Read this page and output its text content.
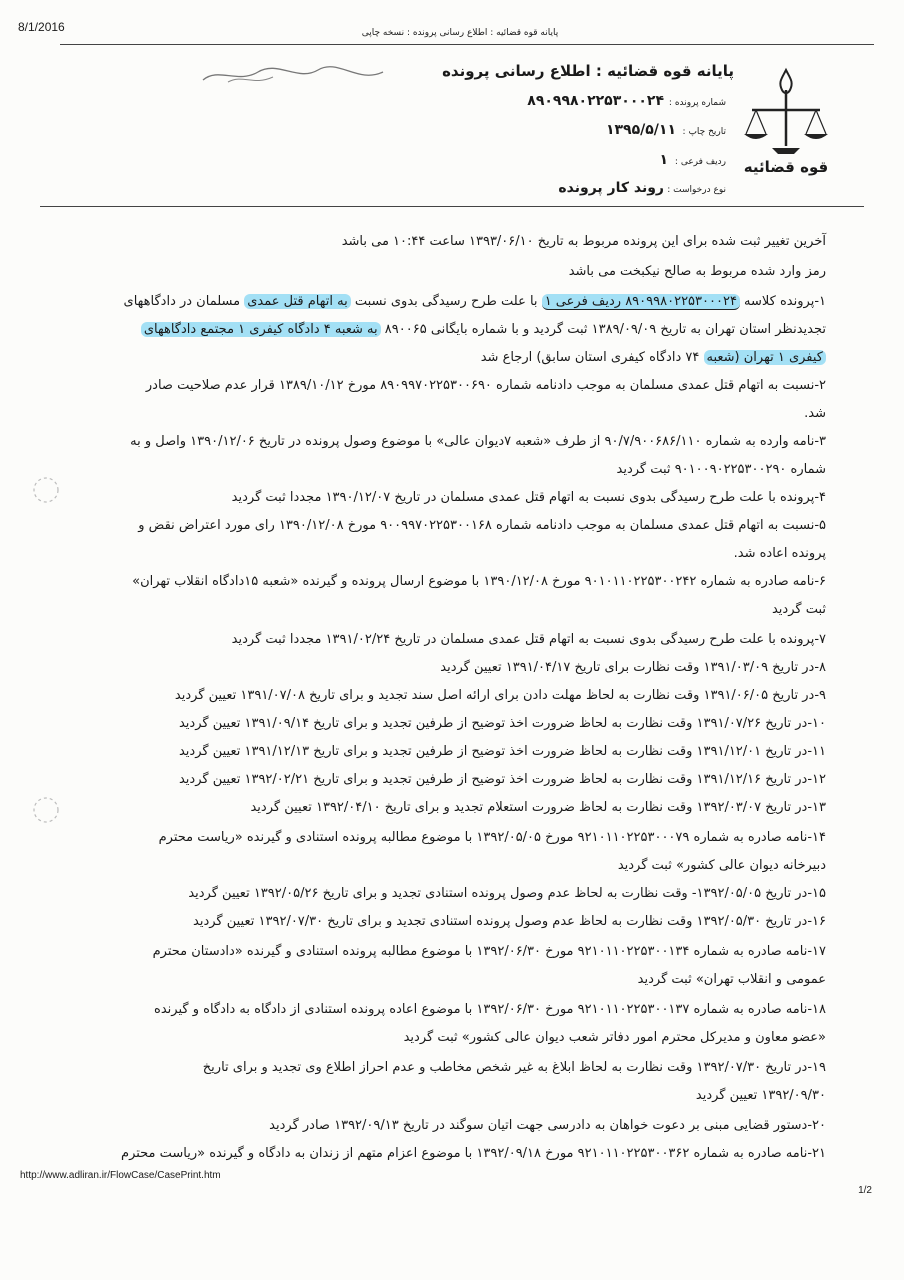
8/1/2016	پایانه قوه قضائیه : اطلاع رسانی پرونده : نسخه چاپی
قوه قضائیه
پایانه قوه قضائیه : اطلاع رسانی پرونده
شماره پرونده :
۸۹۰۹۹۸۰۲۲۵۳۰۰۰۲۴
تاریخ چاپ :
۱۳۹۵/۵/۱۱
ردیف فرعی :
۱
نوع درخواست :
روند کار پرونده
آخرین تغییر ثبت شده برای این پرونده مربوط به تاریخ ۱۳۹۳/۰۶/۱۰ ساعت ۱۰:۴۴ می باشد
رمز وارد شده مربوط به صالح نیکبخت می باشد
۱-پرونده کلاسه ۸۹۰۹۹۸۰۲۲۵۳۰۰۰۲۴ ردیف فرعی ۱ با علت طرح رسیدگی بدوی نسبت به اتهام قتل عمدی مسلمان در دادگاههای
تجدیدنظر استان تهران به تاریخ ۱۳۸۹/۰۹/۰۹ ثبت گردید و با شماره بایگانی ۸۹۰۰۶۵ به شعبه ۴ دادگاه کیفری ۱ مجتمع دادگاههای
کیفری ۱ تهران (شعبه ۷۴ دادگاه کیفری استان سابق) ارجاع شد
۲-نسبت به اتهام قتل عمدی مسلمان به موجب دادنامه شماره ۸۹۰۹۹۷۰۲۲۵۳۰۰۶۹۰ مورخ ۱۳۸۹/۱۰/۱۲ قرار عدم صلاحیت صادر
شد.
۳-نامه وارده به شماره ۹۰/۷/۹۰۰۶۸۶/۱۱۰ از طرف «شعبه ۷دیوان عالی» با موضوع وصول پرونده در تاریخ ۱۳۹۰/۱۲/۰۶ واصل و به
شماره ۹۰۱۰۰۹۰۲۲۵۳۰۰۲۹۰ ثبت گردید
۴-پرونده با علت طرح رسیدگی بدوی نسبت به اتهام قتل عمدی مسلمان در تاریخ ۱۳۹۰/۱۲/۰۷ مجددا ثبت گردید
۵-نسبت به اتهام قتل عمدی مسلمان به موجب دادنامه شماره ۹۰۰۹۹۷۰۲۲۵۳۰۰۱۶۸ مورخ ۱۳۹۰/۱۲/۰۸ رای مورد اعتراض نقض و
پرونده اعاده شد.
۶-نامه صادره به شماره ۹۰۱۰۱۱۰۲۲۵۳۰۰۲۴۲ مورخ ۱۳۹۰/۱۲/۰۸ با موضوع ارسال پرونده و گیرنده «شعبه ۱۵دادگاه انقلاب تهران»
ثبت گردید
۷-پرونده با علت طرح رسیدگی بدوی نسبت به اتهام قتل عمدی مسلمان در تاریخ ۱۳۹۱/۰۲/۲۴ مجددا ثبت گردید
۸-در تاریخ ۱۳۹۱/۰۳/۰۹ وقت نظارت برای تاریخ ۱۳۹۱/۰۴/۱۷ تعیین گردید
۹-در تاریخ ۱۳۹۱/۰۶/۰۵ وقت نظارت به لحاظ مهلت دادن برای ارائه اصل سند تجدید و برای تاریخ ۱۳۹۱/۰۷/۰۸ تعیین گردید
۱۰-در تاریخ ۱۳۹۱/۰۷/۲۶ وقت نظارت به لحاظ ضرورت اخذ توضیح از طرفین تجدید و برای تاریخ ۱۳۹۱/۰۹/۱۴ تعیین گردید
۱۱-در تاریخ ۱۳۹۱/۱۲/۰۱ وقت نظارت به لحاظ ضرورت اخذ توضیح از طرفین تجدید و برای تاریخ ۱۳۹۱/۱۲/۱۳ تعیین گردید
۱۲-در تاریخ ۱۳۹۱/۱۲/۱۶ وقت نظارت به لحاظ ضرورت اخذ توضیح از طرفین تجدید و برای تاریخ ۱۳۹۲/۰۲/۲۱ تعیین گردید
۱۳-در تاریخ ۱۳۹۲/۰۳/۰۷ وقت نظارت به لحاظ ضرورت استعلام تجدید و برای تاریخ ۱۳۹۲/۰۴/۱۰ تعیین گردید
۱۴-نامه صادره به شماره ۹۲۱۰۱۱۰۲۲۵۳۰۰۰۷۹ مورخ ۱۳۹۲/۰۵/۰۵ با موضوع مطالبه پرونده استنادی و گیرنده «ریاست محترم
دبیرخانه دیوان عالی کشور» ثبت گردید
۱۵-در تاریخ ۱۳۹۲/۰۵/۰۵- وقت نظارت به لحاظ عدم وصول پرونده استنادی تجدید و برای تاریخ ۱۳۹۲/۰۵/۲۶ تعیین گردید
۱۶-در تاریخ ۱۳۹۲/۰۵/۳۰ وقت نظارت به لحاظ عدم وصول پرونده استنادی تجدید و برای تاریخ ۱۳۹۲/۰۷/۳۰ تعیین گردید
۱۷-نامه صادره به شماره ۹۲۱۰۱۱۰۲۲۵۳۰۰۱۳۴ مورخ ۱۳۹۲/۰۶/۳۰ با موضوع مطالبه پرونده استنادی و گیرنده «دادستان محترم
عمومی و انقلاب تهران» ثبت گردید
۱۸-نامه صادره به شماره ۹۲۱۰۱۱۰۲۲۵۳۰۰۱۳۷ مورخ ۱۳۹۲/۰۶/۳۰ با موضوع اعاده پرونده استنادی از دادگاه به دادگاه و گیرنده
«عضو معاون و مدیرکل محترم امور دفاتر شعب دیوان عالی کشور» ثبت گردید
۱۹-در تاریخ ۱۳۹۲/۰۷/۳۰ وقت نظارت به لحاظ ابلاغ به غیر شخص مخاطب و عدم احراز اطلاع وی تجدید و برای تاریخ
۱۳۹۲/۰۹/۳۰ تعیین گردید
۲۰-دستور قضایی مبنی بر دعوت خواهان به دادرسی جهت اتیان سوگند در تاریخ ۱۳۹۲/۰۹/۱۳ صادر گردید
۲۱-نامه صادره به شماره ۹۲۱۰۱۱۰۲۲۵۳۰۰۳۶۲ مورخ ۱۳۹۲/۰۹/۱۸ با موضوع اعزام متهم از زندان به دادگاه و گیرنده «ریاست محترم
http://www.adliran.ir/FlowCase/CasePrint.htm
1/2
